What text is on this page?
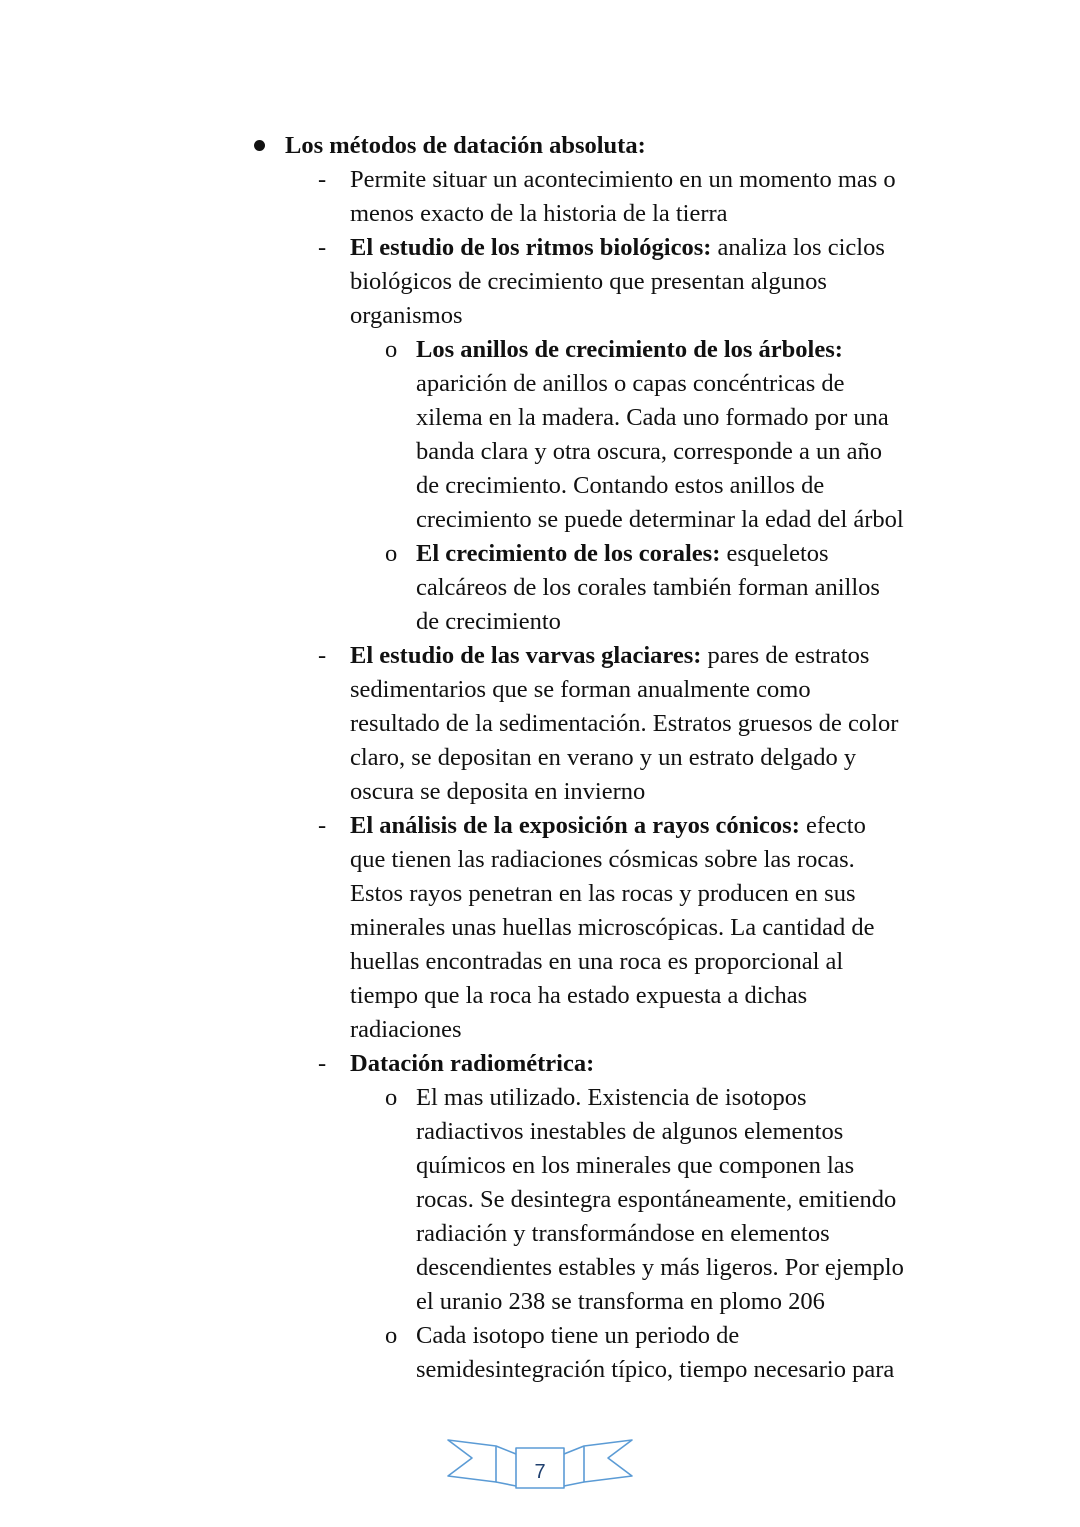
Los métodos de datación absoluta:
- Permite situar un acontecimiento en un momento mas o
menos exacto de la historia de la tierra
- El estudio de los ritmos biológicos: analiza los ciclos
biológicos de crecimiento que presentan algunos
organismos
o Los anillos de crecimiento de los árboles:
aparición de anillos o capas concéntricas de
xilema en la madera. Cada uno formado por una
banda clara y otra oscura, corresponde a un año
de crecimiento. Contando estos anillos de
crecimiento se puede determinar la edad del árbol
o El crecimiento de los corales: esqueletos
calcáreos de los corales también forman anillos
de crecimiento
- El estudio de las varvas glaciares: pares de estratos
sedimentarios que se forman anualmente como
resultado de la sedimentación. Estratos gruesos de color
claro, se depositan en verano y un estrato delgado y
oscura se deposita en invierno
- El análisis de la exposición a rayos cónicos: efecto
que tienen las radiaciones cósmicas sobre las rocas.
Estos rayos penetran en las rocas y producen en sus
minerales unas huellas microscópicas. La cantidad de
huellas encontradas en una roca es proporcional al
tiempo que la roca ha estado expuesta a dichas
radiaciones
- Datación radiométrica:
o El mas utilizado. Existencia de isotopos
radiactivos inestables de algunos elementos
químicos en los minerales que componen las
rocas. Se desintegra espontáneamente, emitiendo
radiación y transformándose en elementos
descendientes estables y más ligeros. Por ejemplo
el uranio 238 se transforma en plomo 206
o Cada isotopo tiene un periodo de
semidesintegración típico, tiempo necesario para
7
